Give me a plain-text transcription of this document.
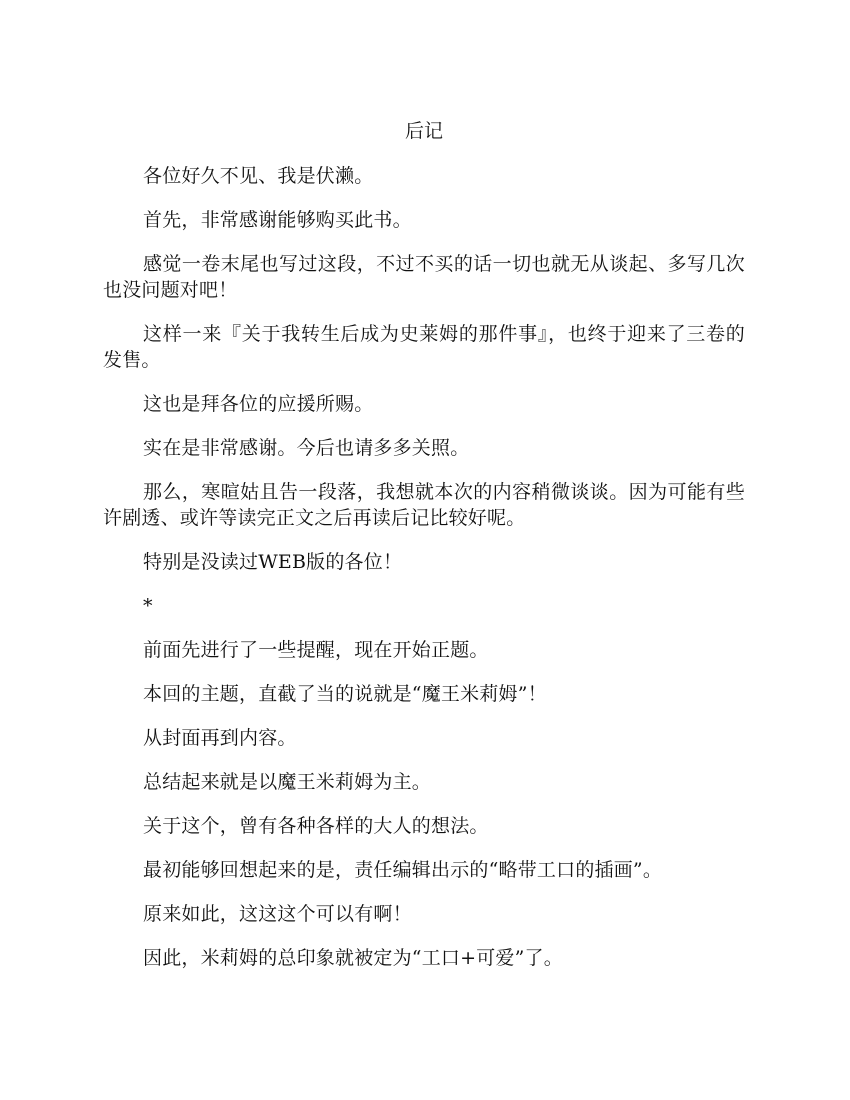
后记

各位好久不见、我是伏濑。

首先，非常感谢能够购买此书。

感觉一卷末尾也写过这段，不过不买的话一切也就无从谈起、多写几次也没问题对吧！

这样一来『关于我转生后成为史莱姆的那件事』，也终于迎来了三卷的发售。

这也是拜各位的应援所赐。

实在是非常感谢。今后也请多多关照。

那么，寒暄姑且告一段落，我想就本次的内容稍微谈谈。因为可能有些许剧透、或许等读完正文之后再读后记比较好呢。

特别是没读过WEB版的各位！

*

前面先进行了一些提醒，现在开始正题。

本回的主题，直截了当的说就是“魔王米莉姆”！

从封面再到内容。

总结起来就是以魔王米莉姆为主。

关于这个，曾有各种各样的大人的想法。

最初能够回想起来的是，责任编辑出示的“略带工口的插画”。

原来如此，这这这个可以有啊！

因此，米莉姆的总印象就被定为“工口+可爱”了。
